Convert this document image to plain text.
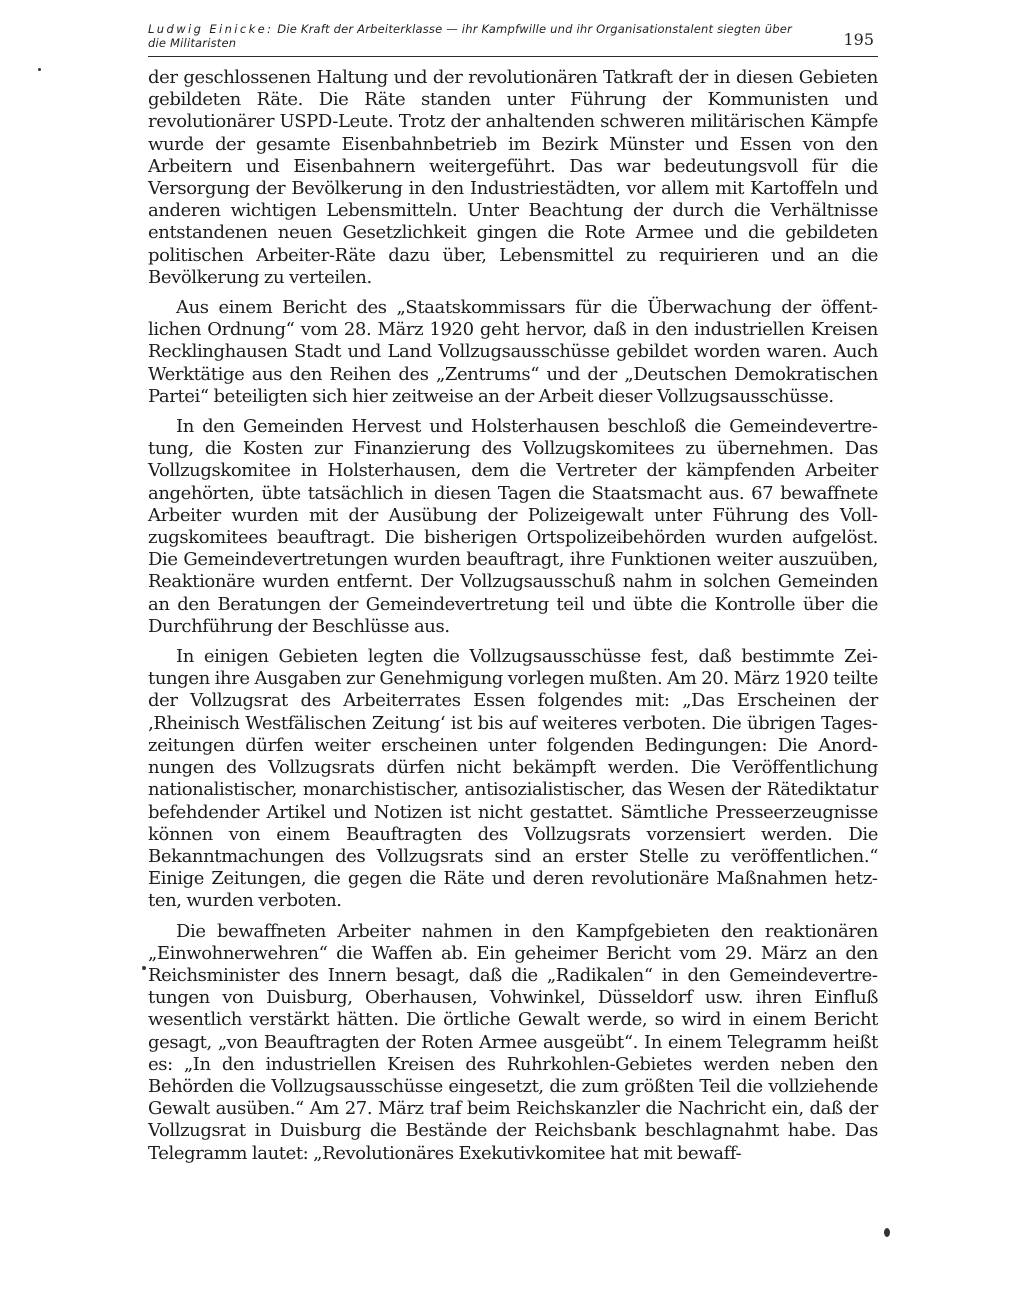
Ludwig Einicke: Die Kraft der Arbeiterklasse — ihr Kampfwille und ihr Organisationstalent siegten über die Militaristen	195

der geschlossenen Haltung und der revolutionären Tatkraft der in diesen Gebieten gebildeten Räte. Die Räte standen unter Führung der Kommunisten und revolutionärer USPD-Leute. Trotz der anhaltenden schweren militärischen Kämpfe wurde der gesamte Eisenbahnbetrieb im Bezirk Münster und Essen von den Arbeitern und Eisenbahnern weitergeführt. Das war bedeutungsvoll für die Versorgung der Bevölkerung in den Industriestädten, vor allem mit Kartoffeln und anderen wichtigen Lebensmitteln. Unter Beachtung der durch die Verhältnisse entstandenen neuen Gesetzlichkeit gingen die Rote Armee und die gebildeten politischen Arbeiter-Räte dazu über, Lebensmittel zu requirieren und an die Bevölkerung zu verteilen.

Aus einem Bericht des „Staatskommissars für die Überwachung der öffentlichen Ordnung“ vom 28. März 1920 geht hervor, daß in den industriellen Kreisen Recklinghausen Stadt und Land Vollzugsausschüsse gebildet worden waren. Auch Werktätige aus den Reihen des „Zentrums“ und der „Deutschen Demokratischen Partei“ beteiligten sich hier zeitweise an der Arbeit dieser Vollzugsausschüsse.

In den Gemeinden Hervest und Holsterhausen beschloß die Gemeindevertretung, die Kosten zur Finanzierung des Vollzugskomitees zu übernehmen. Das Vollzugskomitee in Holsterhausen, dem die Vertreter der kämpfenden Arbeiter angehörten, übte tatsächlich in diesen Tagen die Staatsmacht aus. 67 bewaffnete Arbeiter wurden mit der Ausübung der Polizeigewalt unter Führung des Vollzugskomitees beauftragt. Die bisherigen Ortspolizeibehörden wurden aufgelöst. Die Gemeindevertretungen wurden beauftragt, ihre Funktionen weiter auszuüben, Reaktionäre wurden entfernt. Der Vollzugsausschuß nahm in solchen Gemeinden an den Beratungen der Gemeindevertretung teil und übte die Kontrolle über die Durchführung der Beschlüsse aus.

In einigen Gebieten legten die Vollzugsausschüsse fest, daß bestimmte Zeitungen ihre Ausgaben zur Genehmigung vorlegen mußten. Am 20. März 1920 teilte der Vollzugsrat des Arbeiterrates Essen folgendes mit: „Das Erscheinen der ‚Rheinisch Westfälischen Zeitung‘ ist bis auf weiteres verboten. Die übrigen Tageszeitungen dürfen weiter erscheinen unter folgenden Bedingungen: Die Anordnungen des Vollzugsrats dürfen nicht bekämpft werden. Die Veröffentlichung nationalistischer, monarchistischer, antisozialistischer, das Wesen der Rätediktatur befehdender Artikel und Notizen ist nicht gestattet. Sämtliche Presseerzeugnisse können von einem Beauftragten des Vollzugsrats vorzensiert werden. Die Bekanntmachungen des Vollzugsrats sind an erster Stelle zu veröffentlichen.“ Einige Zeitungen, die gegen die Räte und deren revolutionäre Maßnahmen hetzten, wurden verboten.

Die bewaffneten Arbeiter nahmen in den Kampfgebieten den reaktionären „Einwohnerwehren“ die Waffen ab. Ein geheimer Bericht vom 29. März an den Reichsminister des Innern besagt, daß die „Radikalen“ in den Gemeindevertretungen von Duisburg, Oberhausen, Vohwinkel, Düsseldorf usw. ihren Einfluß wesentlich verstärkt hätten. Die örtliche Gewalt werde, so wird in einem Bericht gesagt, „von Beauftragten der Roten Armee ausgeübt“. In einem Telegramm heißt es: „In den industriellen Kreisen des Ruhrkohlen-Gebietes werden neben den Behörden die Vollzugsausschüsse eingesetzt, die zum größten Teil die vollziehende Gewalt ausüben.“ Am 27. März traf beim Reichskanzler die Nachricht ein, daß der Vollzugsrat in Duisburg die Bestände der Reichsbank beschlagnahmt habe. Das Telegramm lautet: „Revolutionäres Exekutivkomitee hat mit bewaff-
